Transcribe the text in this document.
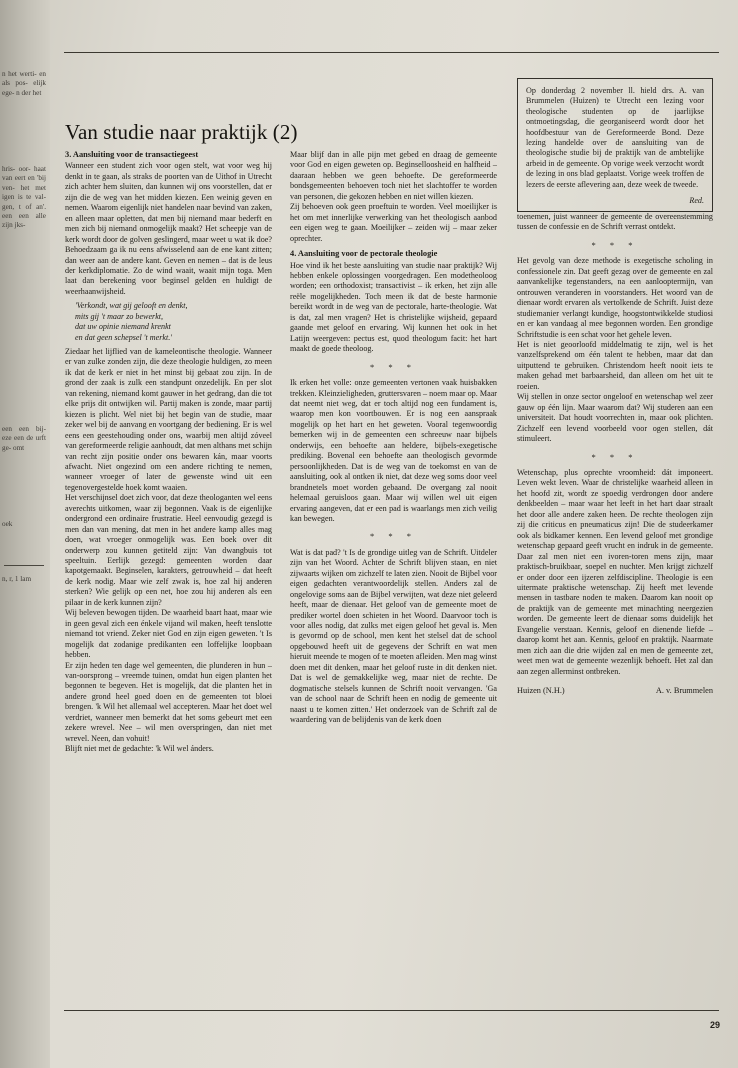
n het werti- en als pos- elijk ege- n der het
hris- oor- haat van eert en 'bij ven- het met igen is te val- gen, t of an'. een een alle zijn jks-
een een bij- eze een de urft ge- omt
oek
n, r, 1 lam
Van studie naar praktijk (2)

Op donderdag 2 november ll. hield drs. A. van Brummelen (Huizen) te Utrecht een lezing voor theologische studenten op de jaarlijkse ontmoetingsdag, die georganiseerd wordt door het hoofdbestuur van de Gereformeerde Bond. Deze lezing handelde over de aansluiting van de theologische studie bij de praktijk van de ambtelijke arbeid in de gemeente. Op vorige week verzocht wordt de lezing in ons blad geplaatst. Vorige week troffen de lezers de eerste aflevering aan, deze week de tweede.

Red.

3. Aansluiting voor de transactiegeest

Wanneer een student zich voor ogen stelt, wat voor weg hij denkt in te gaan, als straks de poorten van de Uithof in Utrecht zich achter hem sluiten, dan kunnen wij ons voorstellen, dat er zijn die de weg van het midden kiezen. Een weinig geven en nemen. Waarom eigenlijk niet handelen naar bevind van zaken, en alleen maar opletten, dat men bij niemand maar bederft en men zich bij niemand onmogelijk maakt? Het scheepje van de kerk wordt door de golven geslingerd, maar weet u wat ik doe? Behoedzaam ga ik nu eens afwisselend aan de ene kant zitten; dan weer aan de andere kant. Geven en nemen – dat is de leus der kerkdiplomatie. Zo de wind waait, waait mijn toga. Men laat dan berekening voor beginsel gelden en huldigt de weerhaanwijsheid.

'Verkondt, wat gij gelooft en denkt,
mits gij 't maar zo bewerkt,
dat uw opinie niemand krenkt
en dat geen schepsel 't merkt.'

Ziedaar het lijflied van de kameleontische theologie. Wanneer er van zulke zonden zijn, die deze theologie huldigen, zo meen ik dat de kerk er niet in het minst bij gebaat zou zijn. In de grond der zaak is zulk een standpunt onzedelijk. En per slot van rekening, niemand komt gauwer in het gedrang, dan die tot elke prijs dit ontwijken wil. Partij maken is zonde, maar partij kiezen is plicht. Wel niet bij het begin van de studie, maar zeker wel bij de aanvang en voortgang der bediening. Er is wel eens een geestehouding onder ons, waarbij men altijd zóveel van gereformeerde religie aanhoudt, dat men althans met schijn van recht zijn positie onder ons bewaren kán, maar voorts afwacht. Niet ongezind om een andere richting te nemen, wanneer vroeger of later de gewenste wind uit een tegenovergestelde hoek komt waaien.

Het verschijnsel doet zich voor, dat deze theologanten wel eens averechts uitkomen, waar zij begonnen. Vaak is de eigenlijke ondergrond een ordinaire frustratie. Heel eenvoudig gezegd is men dan van mening, dat men in het andere kamp alles mag doen, wat vroeger onmogelijk was. Een boek over dit onderwerp zou kunnen getiteld zijn: Van dwangbuis tot speeltuin. Eerlijk gezegd: gemeenten worden daar kapotgemaakt. Beginselen, karakters, getrouwheid – dat heeft de kerk nodig. Maar wie zelf zwak is, hoe zal hij anderen sterken? Wie gelijk op een net, hoe zou hij anderen als een pilaar in de kerk kunnen zijn?

Wij beleven bewogen tijden. De waarheid baart haat, maar wie in geen geval zich een énkele vijand wil maken, heeft tenslotte niemand tot vriend. Zeker niet God en zijn eigen geweten. 't Is mogelijk dat zodanige predikanten een loffelijke loopbaan hebben.

Er zijn heden ten dage wel gemeenten, die plunderen in hun – van-oorsprong – vreemde tuinen, omdat hun eigen planten het begonnen te begeven. Het is mogelijk, dat die planten het in andere grond heel goed doen en de gemeenten tot bloei brengen. 'k Wil het allemaal wel accepteren. Maar het doet wel verdriet, wanneer men bemerkt dat het soms gebeurt met een zekere wrevel. Nee – wil men overspringen, dan niet met wrevel. Neen, dan vohuit!

Blijft niet met de gedachte: 'k Wil wel ánders.

Maar blijf dan in alle pijn met gebed en draag de gemeente voor God en eigen geweten op. Beginselloosheid en halfheid – daaraan hebben we geen behoefte. De gereformeerde bondsgemeenten behoeven toch niet het slachtoffer te worden van personen, die gekozen hebben en niet willen kiezen.

Zij behoeven ook geen proeftuin te worden. Veel moeilijker is het om met innerlijke verwerking van het theologisch aanbod een eigen weg te gaan. Moeilijker – zeiden wij – maar zeker oprechter.

4. Aansluiting voor de pectorale theologie

Hoe vind ik het beste aansluiting van studie naar praktijk? Wij hebben enkele oplossingen voorgedragen. Een modetheoloog worden; een orthodoxist; transactivist – ik erken, het zijn alle reële mogelijkheden. Toch meen ik dat de beste harmonie bereikt wordt in de weg van de pectorale, harte-theologie. Wat is dat, zal men vragen? Het is christelijke wijsheid, gepaard gaande met geloof en ervaring. Wij kunnen het ook in het Latijn weergeven: pectus est, quod theologum facit: het hart maakt de goede theoloog.

* * *

Ik erken het volle: onze gemeenten vertonen vaak huisbakken trekken. Kleinzieligheden, gruttersvaren – noem maar op. Maar dat neemt niet weg, dat er toch altijd nog een fundament is, waarop men kon voortbouwen. Er is nog een aanspraak mogelijk op het hart en het geweten. Vooral tegenwoordig bemerken wij in de gemeenten een schreeuw naar bijbels onderwijs, een behoefte aan heldere, bijbels-exegetische prediking. Bovenal een behoefte aan theologisch gevormde persoonlijkheden. Dat is de weg van de toekomst en van de aansluiting, ook al ontken ik niet, dat deze weg soms door veel brandnetels moet worden gebaand. De overgang zal nooit helemaal geruisloos gaan. Maar wij willen wel uit eigen ervaring aangeven, dat er een pad is waarlangs men zich veilig kan bewegen.

* * *

Wat is dat pad? 't Is de grondige uitleg van de Schrift. Uitdeler zijn van het Woord. Achter de Schrift blijven staan, en niet zijwaarts wijken om zichzelf te laten zien. Nooit de Bijbel voor eigen gedachten verantwoordelijk stellen. Anders zal de ongelovige soms aan de Bijbel verwijten, wat deze niet geleerd heeft, maar de dienaar. Het geloof van de gemeente moet de prediker wortel doen schieten in het Woord. Daarvoor toch is voor alles nodig, dat zulks met eigen geloof het geval is. Men is gevormd op de school, men kent het stelsel dat de school opgebouwd heeft uit de gegevens der Schrift en wat men hieruit meende te mogen of te moeten afleiden. Men mag winst doen met dit denken, maar het geloof ruste in dit denken niet. Dat is wel de gemakkelijke weg, maar niet de rechte. De dogmatische stelsels kunnen de Schrift nooit vervangen. 'Ga van de school naar de Schrift heen en nodig de gemeente uit naast u te komen zitten.' Het onderzoek van de Schrift zal de waardering van de belijdenis van de kerk doen

toenemen, juist wanneer de gemeente de overeenstemming tussen de confessie en de Schrift verrast ontdekt.

* * *

Het gevolg van deze methode is exegetische scholing in confessionele zin. Dat geeft gezag over de gemeente en zal aanvankelijke tegenstanders, na een aanlooptermijn, van ontrouwen veranderen in voorstanders. Het woord van de dienaar wordt ervaren als vertolkende de Schrift. Juist deze studiemanier verlangt kundige, hoogstontwikkelde studiosi en er kan vandaag al mee begonnen worden. Een grondige Schriftstudie is een schat voor het gehele leven.

Het is niet geoorloofd middelmatig te zijn, wel is het vanzelfsprekend om één talent te hebben, maar dat dan uitputtend te gebruiken. Christendom heeft nooit iets te maken gehad met barbaarsheid, dan alleen om het uit te roeien.

Wij stellen in onze sector ongeloof en wetenschap wel zeer gauw op één lijn. Maar waarom dat? Wij studeren aan een universiteit. Dat houdt voorrechten in, maar ook plichten. Zichzelf een levend voorbeeld voor ogen stellen, dát stimuleert.

* * *

Wetenschap, plus oprechte vroomheid: dát imponeert. Leven wekt leven. Waar de christelijke waarheid alleen in het hoofd zit, wordt ze spoedig verdrongen door andere denkbeelden – maar waar het leeft in het hart daar straalt het door alle andere zaken heen. De rechte theologen zijn zij die criticus en pneumaticus zijn! Die de studeerkamer ook als bidkamer kennen. Een levend geloof met grondige wetenschap gepaard geeft vrucht en indruk in de gemeente. Daar zal men niet een ivoren-toren mens zijn, maar praktisch-bruikbaar, soepel en nuchter. Men krijgt zichzelf er onder door een ijzeren zelfdiscipline. Theologie is een uitermate praktische wetenschap. Zij heeft met levende mensen in tastbare noden te maken. Daarom kan nooit op de praktijk van de gemeente met minachting neergezien worden. De gemeente leert de dienaar soms duidelijk het Evangelie verstaan. Kennis, geloof en dienende liefde – daarop komt het aan. Kennis, geloof en praktijk. Naarmate men zich aan die drie wijden zal en men de gemeente zet, weet men wat de gemeente wezenlijk behoeft. Het zal dan aan zegen allerminst ontbreken.

Huizen (N.H.)	A. v. Brummelen
29
